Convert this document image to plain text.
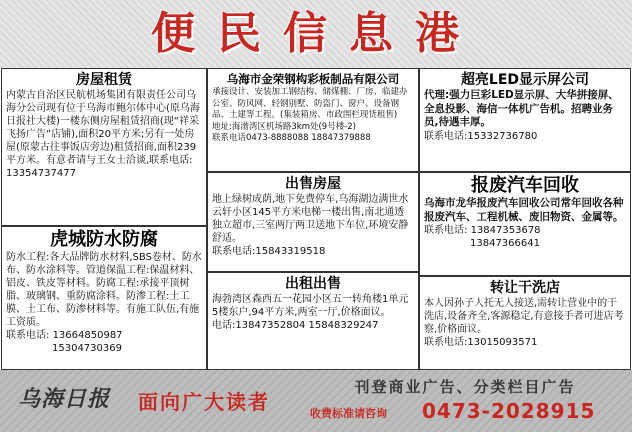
便民信息港
房屋租赁

内蒙古自治区民航机场集团有限责任公司乌海分公司现有位于乌海市鲍尔体中心(原乌海日报社大楼)一楼东侧房屋租赁招商(现“祥采飞扬广告”店铺),面积20平方米;另有一处房屋(原蒙古往事饭店旁边)租赁招商,面积239平方米。有意者请与王女士洽谈,联系电话:

13354737477
虎城防水防腐

防水工程:各大品牌防水材料,SBS卷材、防水布、防水涂料等。管道保温工程:保温材料、铝皮、铁皮等材料。防腐工程:承接平顶树脂、玻璃钢、重防腐涂料。防渗工程:土工膜、土工布、防渗材料等。有施工队伍,有施工资质。

联系电话: 13664850987
15304730369
乌海市金荣钢构彩板制品有限公司

承接设计、安装加工钢结构、储煤棚、厂房、临建办公室、防风网、轻钢别墅、防盗门、窗户、设备钢品、土建等工程。(集装箱房、市政围栏现货租售)

地址:海渤湾区机场路3km处(9号楼-2)
联系电话0473-8888088 18847379888
出售房屋

地上绿树成荫,地下免费停车,乌海湖边满世水云轩小区145平方米电梯一楼出售,南北通透独立超市,三室两厅两卫送地下车位,环境安静舒适。

联系电话:15843319518
出租出售

海勃湾区森西五一花园小区五一转角楼1单元5楼东户,94平方米,两室一厅,价格面议。

电话:13847352804 15848329247
超亮LED显示屏公司

代理:强力巨彩LED显示屏、大华拼接屏、全息投影、海信一体机广告机。招聘业务员,待遇丰厚。

联系电话:15332736780
报废汽车回收

乌海市龙华报废汽车回收公司常年回收各种报废汽车、工程机械、废旧物资、金属等。

联系电话: 13847353678
13847366641
转让干洗店

本人因孙子人托无人接送,需转让营业中的干洗店,设备齐全,客源稳定,有意接手者可进店考察,价格面议。

联系电话:13015093571
乌海日报 面向广大读者
刊登商业广告、分类栏目广告
收费标准请咨询 0473-2028915
